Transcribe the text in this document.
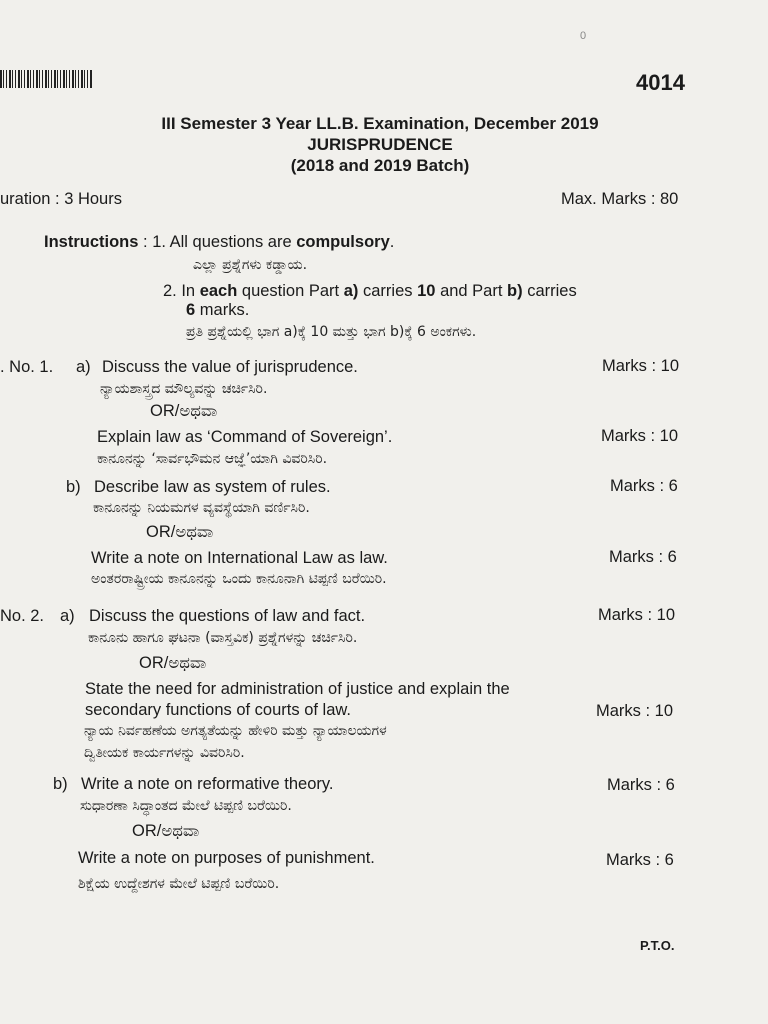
0
4014
III Semester 3 Year LL.B. Examination, December 2019
JURISPRUDENCE
(2018 and 2019 Batch)
uration : 3 Hours	Max. Marks : 80
Instructions : 1. All questions are compulsory.
ಎಲ್ಲಾ ಪ್ರಶ್ನೆಗಳು ಕಡ್ಡಾಯ.
2. In each question Part a) carries 10 and Part b) carries
6 marks.
ಪ್ರತಿ ಪ್ರಶ್ನೆಯಲ್ಲಿ ಭಾಗ a)ಕ್ಕೆ 10 ಮತ್ತು ಭಾಗ b)ಕ್ಕೆ 6 ಅಂಕಗಳು.
. No. 1. a) Discuss the value of jurisprudence.	Marks : 10
ನ್ಯಾಯಶಾಸ್ತ್ರದ ಮೌಲ್ಯವನ್ನು ಚರ್ಚಿಸಿರಿ.
OR/ಅಥವಾ
Explain law as ‘Command of Sovereign’.	Marks : 10
ಕಾನೂನನ್ನು ‘ಸಾರ್ವಭೌಮನ ಆಜ್ಞೆ’ಯಾಗಿ ವಿವರಿಸಿರಿ.
b) Describe law as system of rules.	Marks : 6
ಕಾನೂನನ್ನು ನಿಯಮಗಳ ವ್ಯವಸ್ಥೆಯಾಗಿ ವರ್ಣಿಸಿರಿ.
OR/ಅಥವಾ
Write a note on International Law as law.	Marks : 6
ಅಂತರರಾಷ್ಟ್ರೀಯ ಕಾನೂನನ್ನು ಒಂದು ಕಾನೂನಾಗಿ ಟಿಪ್ಪಣಿ ಬರೆಯಿರಿ.
No. 2. a) Discuss the questions of law and fact.	Marks : 10
ಕಾನೂನು ಹಾಗೂ ಘಟನಾ (ವಾಸ್ತವಿಕ) ಪ್ರಶ್ನೆಗಳನ್ನು ಚರ್ಚಿಸಿರಿ.
OR/ಅಥವಾ
State the need for administration of justice and explain the
secondary functions of courts of law.	Marks : 10
ನ್ಯಾಯ ನಿರ್ವಹಣೆಯ ಅಗತ್ಯತೆಯನ್ನು ಹೇಳಿರಿ ಮತ್ತು ನ್ಯಾಯಾಲಯಗಳ
ದ್ವಿತೀಯಕ ಕಾರ್ಯಗಳನ್ನು ವಿವರಿಸಿರಿ.
b) Write a note on reformative theory.	Marks : 6
ಸುಧಾರಣಾ ಸಿದ್ಧಾಂತದ ಮೇಲೆ ಟಿಪ್ಪಣಿ ಬರೆಯಿರಿ.
OR/ಅಥವಾ
Write a note on purposes of punishment.	Marks : 6
ಶಿಕ್ಷೆಯ ಉದ್ದೇಶಗಳ ಮೇಲೆ ಟಿಪ್ಪಣಿ ಬರೆಯಿರಿ.
P.T.O.
